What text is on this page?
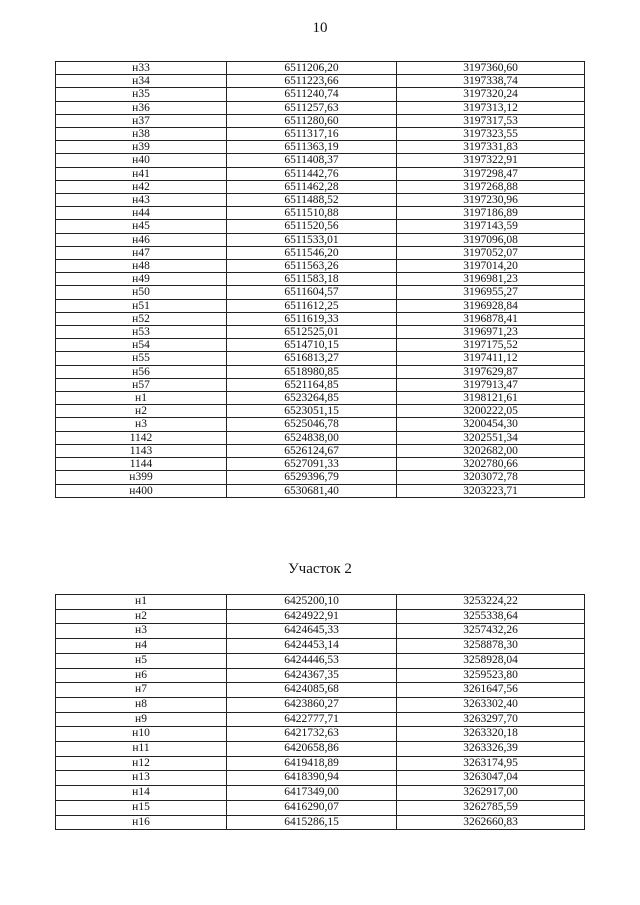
10
н33	6511206,20	3197360,60
н34	6511223,66	3197338,74
н35	6511240,74	3197320,24
н36	6511257,63	3197313,12
н37	6511280,60	3197317,53
н38	6511317,16	3197323,55
н39	6511363,19	3197331,83
н40	6511408,37	3197322,91
н41	6511442,76	3197298,47
н42	6511462,28	3197268,88
н43	6511488,52	3197230,96
н44	6511510,88	3197186,89
н45	6511520,56	3197143,59
н46	6511533,01	3197096,08
н47	6511546,20	3197052,07
н48	6511563,26	3197014,20
н49	6511583,18	3196981,23
н50	6511604,57	3196955,27
н51	6511612,25	3196928,84
н52	6511619,33	3196878,41
н53	6512525,01	3196971,23
н54	6514710,15	3197175,52
н55	6516813,27	3197411,12
н56	6518980,85	3197629,87
н57	6521164,85	3197913,47
н1	6523264,85	3198121,61
н2	6523051,15	3200222,05
н3	6525046,78	3200454,30
1142	6524838,00	3202551,34
1143	6526124,67	3202682,00
1144	6527091,33	3202780,66
н399	6529396,79	3203072,78
н400	6530681,40	3203223,71
Участок 2
н1	6425200,10	3253224,22
н2	6424922,91	3255338,64
н3	6424645,33	3257432,26
н4	6424453,14	3258878,30
н5	6424446,53	3258928,04
н6	6424367,35	3259523,80
н7	6424085,68	3261647,56
н8	6423860,27	3263302,40
н9	6422777,71	3263297,70
н10	6421732,63	3263320,18
н11	6420658,86	3263326,39
н12	6419418,89	3263174,95
н13	6418390,94	3263047,04
н14	6417349,00	3262917,00
н15	6416290,07	3262785,59
н16	6415286,15	3262660,83
